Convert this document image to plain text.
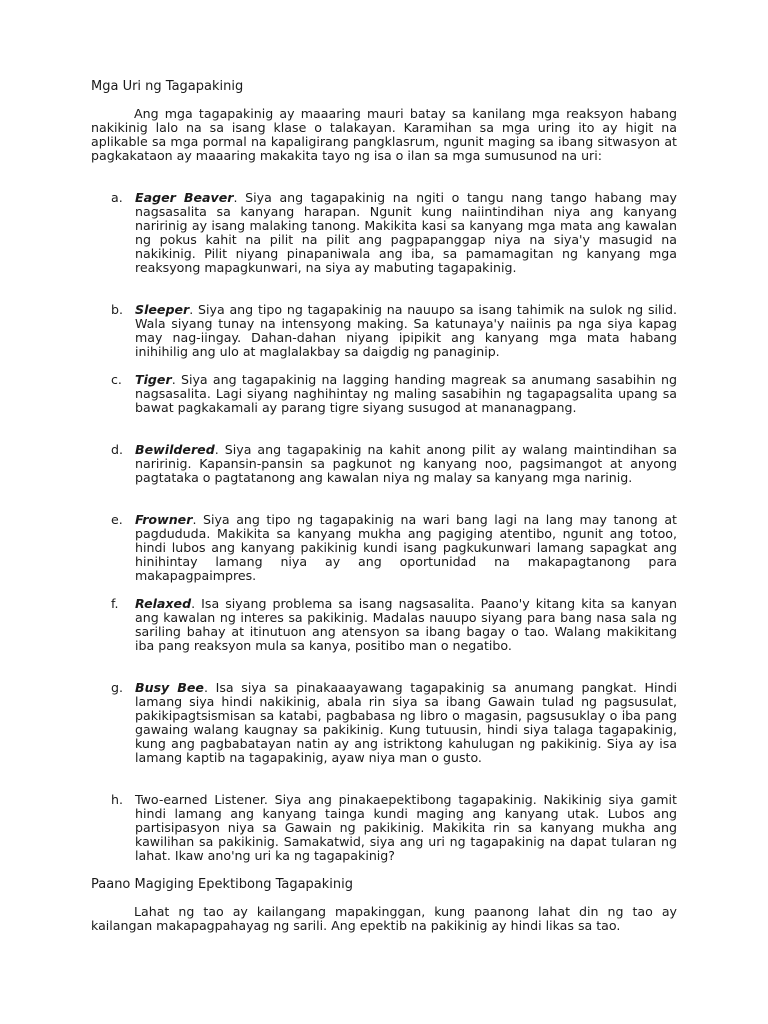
Mga Uri ng Tagapakinig
Ang mga tagapakinig ay maaaring mauri batay sa kanilang mga reaksyon habang nakikinig lalo na sa isang klase o talakayan. Karamihan sa mga uring ito ay higit na aplikable sa mga pormal na kapaligirang pangklasrum, ngunit maging sa ibang sitwasyon at pagkakataon ay maaaring makakita tayo ng isa o ilan sa mga sumusunod na uri:
a. Eager Beaver. Siya ang tagapakinig na ngiti o tangu nang tango habang may nagsasalita sa kanyang harapan. Ngunit kung naiintindihan niya ang kanyang naririnig ay isang malaking tanong. Makikita kasi sa kanyang mga mata ang kawalan ng pokus kahit na pilit na pilit ang pagpapanggap niya na siya'y masugid na nakikinig. Pilit niyang pinapaniwala ang iba, sa pamamagitan ng kanyang mga reaksyong mapagkunwari, na siya ay mabuting tagapakinig.
b. Sleeper. Siya ang tipo ng tagapakinig na nauupo sa isang tahimik na sulok ng silid. Wala siyang tunay na intensyong making. Sa katunaya'y naiinis pa nga siya kapag may nag-iingay. Dahan-dahan niyang ipipikit ang kanyang mga mata habang inihihilig ang ulo at maglalakbay sa daigdig ng panaginip.
c. Tiger. Siya ang tagapakinig na lagging handing magreak sa anumang sasabihin ng nagsasalita. Lagi siyang naghihintay ng maling sasabihin ng tagapagsalita upang sa bawat pagkakamali ay parang tigre siyang susugod at mananagpang.
d. Bewildered. Siya ang tagapakinig na kahit anong pilit ay walang maintindihan sa naririnig. Kapansin-pansin sa pagkunot ng kanyang noo, pagsimangot at anyong pagtataka o pagtatanong ang kawalan niya ng malay sa kanyang mga narinig.
e. Frowner. Siya ang tipo ng tagapakinig na wari bang lagi na lang may tanong at pagdududa. Makikita sa kanyang mukha ang pagiging atentibo, ngunit ang totoo, hindi lubos ang kanyang pakikinig kundi isang pagkukunwari lamang sapagkat ang hinihintay lamang niya ay ang oportunidad na makapagtanong para makapagpaimpres.
f. Relaxed. Isa siyang problema sa isang nagsasalita. Paano'y kitang kita sa kanyan ang kawalan ng interes sa pakikinig. Madalas nauupo siyang para bang nasa sala ng sariling bahay at itinutuon ang atensyon sa ibang bagay o tao. Walang makikitang iba pang reaksyon mula sa kanya, positibo man o negatibo.
g. Busy Bee. Isa siya sa pinakaaayawang tagapakinig sa anumang pangkat. Hindi lamang siya hindi nakikinig, abala rin siya sa ibang Gawain tulad ng pagsusulat, pakikipagtsismisan sa katabi, pagbabasa ng libro o magasin, pagsusuklay o iba pang gawaing walang kaugnay sa pakikinig. Kung tutuusin, hindi siya talaga tagapakinig, kung ang pagbabatayan natin ay ang istriktong kahulugan ng pakikinig. Siya ay isa lamang kaptib na tagapakinig, ayaw niya man o gusto.
h. Two-earned Listener. Siya ang pinakaepektibong tagapakinig. Nakikinig siya gamit hindi lamang ang kanyang tainga kundi maging ang kanyang utak. Lubos ang partisipasyon niya sa Gawain ng pakikinig. Makikita rin sa kanyang mukha ang kawilihan sa pakikinig. Samakatwid, siya ang uri ng tagapakinig na dapat tularan ng lahat. Ikaw ano'ng uri ka ng tagapakinig?
Paano Magiging Epektibong Tagapakinig
Lahat ng tao ay kailangang mapakinggan, kung paanong lahat din ng tao ay kailangan makapagpahayag ng sarili. Ang epektib na pakikinig ay hindi likas sa tao.
